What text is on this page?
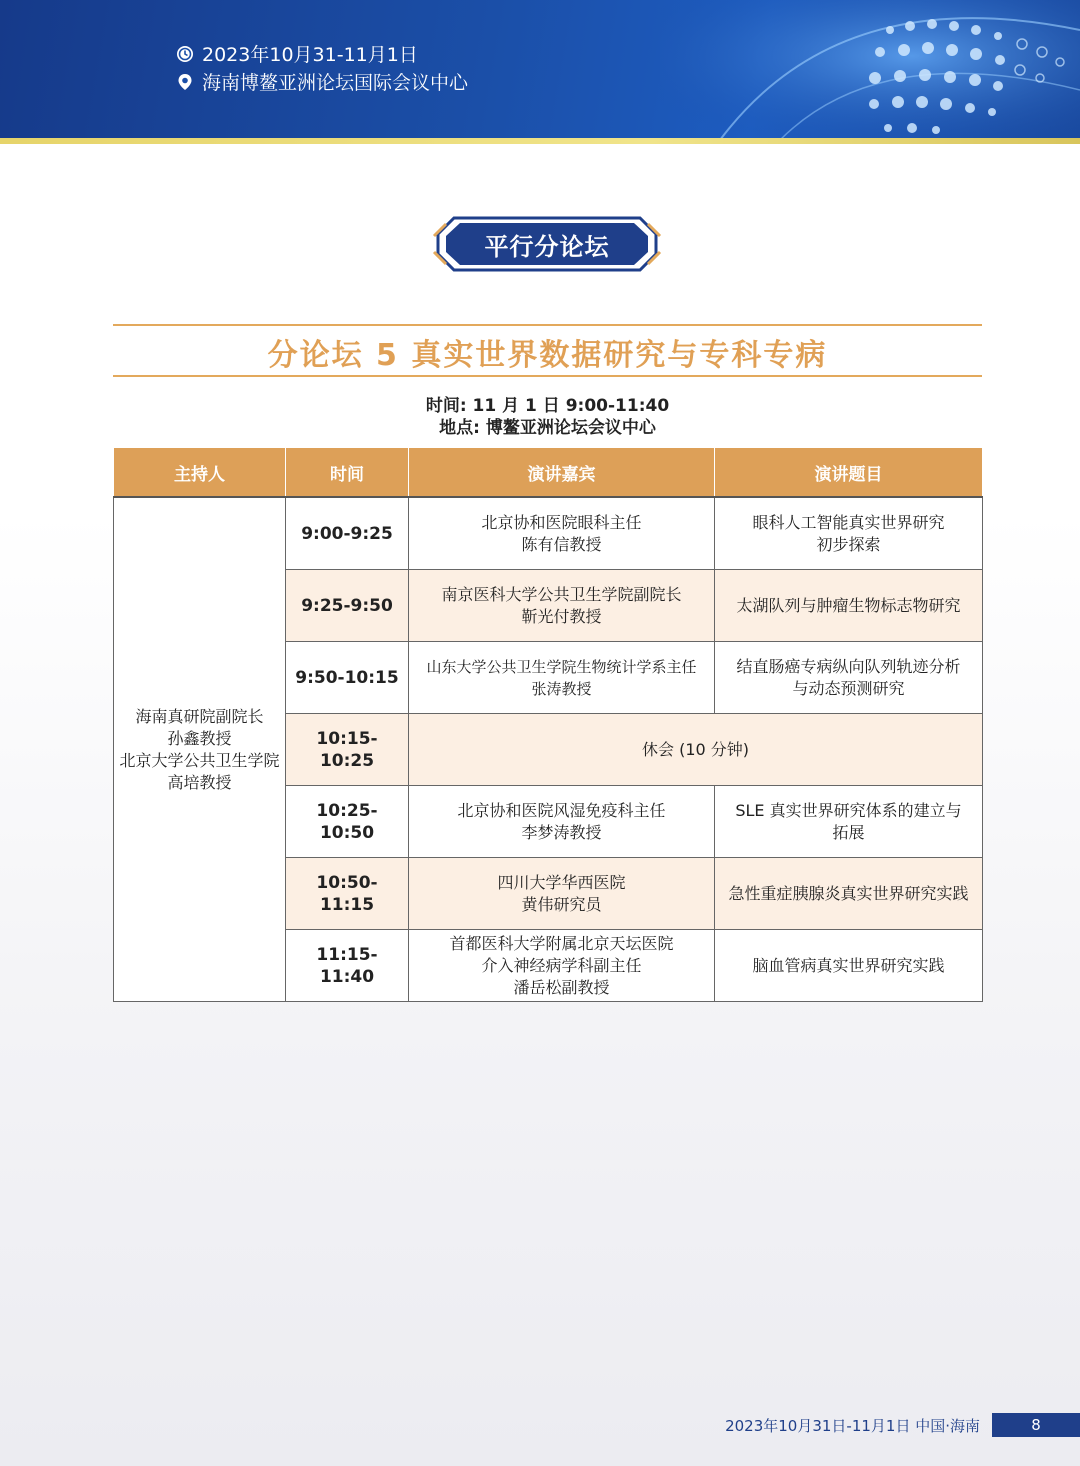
2023年10月31-11月1日
海南博鳌亚洲论坛国际会议中心
平行分论坛
分论坛 5 真实世界数据研究与专科专病
时间: 11 月 1 日 9:00-11:40
地点: 博鳌亚洲论坛会议中心
主持人	时间	演讲嘉宾	演讲题目

海南真研院副院长
孙鑫教授
北京大学公共卫生学院
高培教授	9:00-9:25	北京协和医院眼科主任
陈有信教授	眼科人工智能真实世界研究
初步探索

	9:25-9:50	南京医科大学公共卫生学院副院长
靳光付教授	太湖队列与肿瘤生物标志物研究

	9:50-10:15	山东大学公共卫生学院生物统计学系主任
张涛教授	结直肠癌专病纵向队列轨迹分析
与动态预测研究

	10:15-10:25	休会 (10 分钟)	
	10:25-10:50	北京协和医院风湿免疫科主任
李梦涛教授	SLE 真实世界研究体系的建立与
拓展

	10:50-11:15	四川大学华西医院
黄伟研究员	急性重症胰腺炎真实世界研究实践

	11:15-11:40	首都医科大学附属北京天坛医院
介入神经病学科副主任
潘岳松副教授	脑血管病真实世界研究实践
2023年10月31日-11月1日 中国·海南	8
